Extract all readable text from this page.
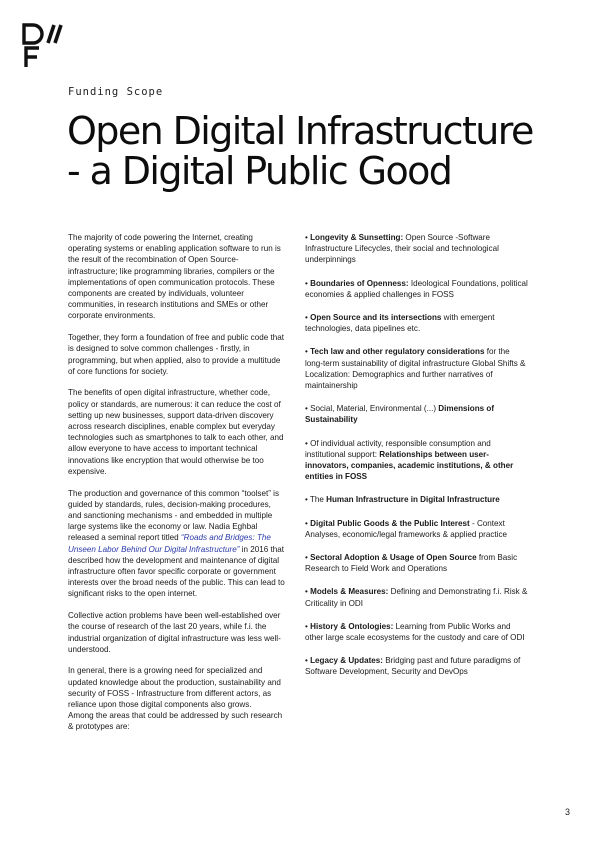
Funding Scope
Open Digital Infrastructure
- a Digital Public Good

The majority of code powering the Internet, creating operating systems or enabling application software to run is the result of the recombination of Open Source-infrastructure; like programming libraries, compilers or the implementations of open communication protocols. These components are created by individuals, volunteer communities, in research institutions and SMEs or other corporate environments.

Together, they form a foundation of free and public code that is designed to solve common challenges - firstly, in programming, but when applied, also to provide a multitude of core functions for society.

The benefits of open digital infrastructure, whether code, policy or standards, are numerous: it can reduce the cost of setting up new businesses, support data-driven discovery across research disciplines, enable complex but everyday technologies such as smartphones to talk to each other, and allow everyone to have access to important technical innovations like encryption that would otherwise be too expensive.

The production and governance of this common “toolset” is guided by standards, rules, decision-making procedures, and sanctioning mechanisms - and embedded in multiple large systems like the economy or law. Nadia Eghbal released a seminal report titled “Roads and Bridges: The Unseen Labor Behind Our Digital Infrastructure” in 2016 that described how the development and maintenance of digital infrastructure often favor specific corporate or government interests over the broad needs of the public. This can lead to significant risks to the open internet.

Collective action problems have been well-established over the course of research of the last 20 years, while f.i. the industrial organization of digital infrastructure was less well-understood.

In general, there is a growing need for specialized and updated knowledge about the production, sustainability and security of FOSS - Infrastructure from different actors, as reliance upon those digital components also grows.
Among the areas that could be addressed by such research & prototypes are:

• Longevity & Sunsetting: Open Source -Software Infrastructure Lifecycles, their social and technological underpinnings

• Boundaries of Openness: Ideological Foundations, political economies & applied challenges in FOSS

• Open Source and its intersections with emergent technologies, data pipelines etc.

• Tech law and other regulatory considerations for the long-term sustainability of digital infrastructure Global Shifts & Localization: Demographics and further narratives of maintainership

• Social, Material, Environmental (...) Dimensions of Sustainability

• Of individual activity, responsible consumption and institutional support: Relationships between user-innovators, companies, academic institutions, & other entities in FOSS

• The Human Infrastructure in Digital Infrastructure

• Digital Public Goods & the Public Interest - Context Analyses, economic/legal frameworks & applied practice

• Sectoral Adoption & Usage of Open Source from Basic Research to Field Work and Operations

• Models & Measures: Defining and Demonstrating f.i. Risk & Criticality in ODI

• History & Ontologies: Learning from Public Works and other large scale ecosystems for the custody and care of ODI

• Legacy & Updates: Bridging past and future paradigms of Software Development, Security and DevOps

3
